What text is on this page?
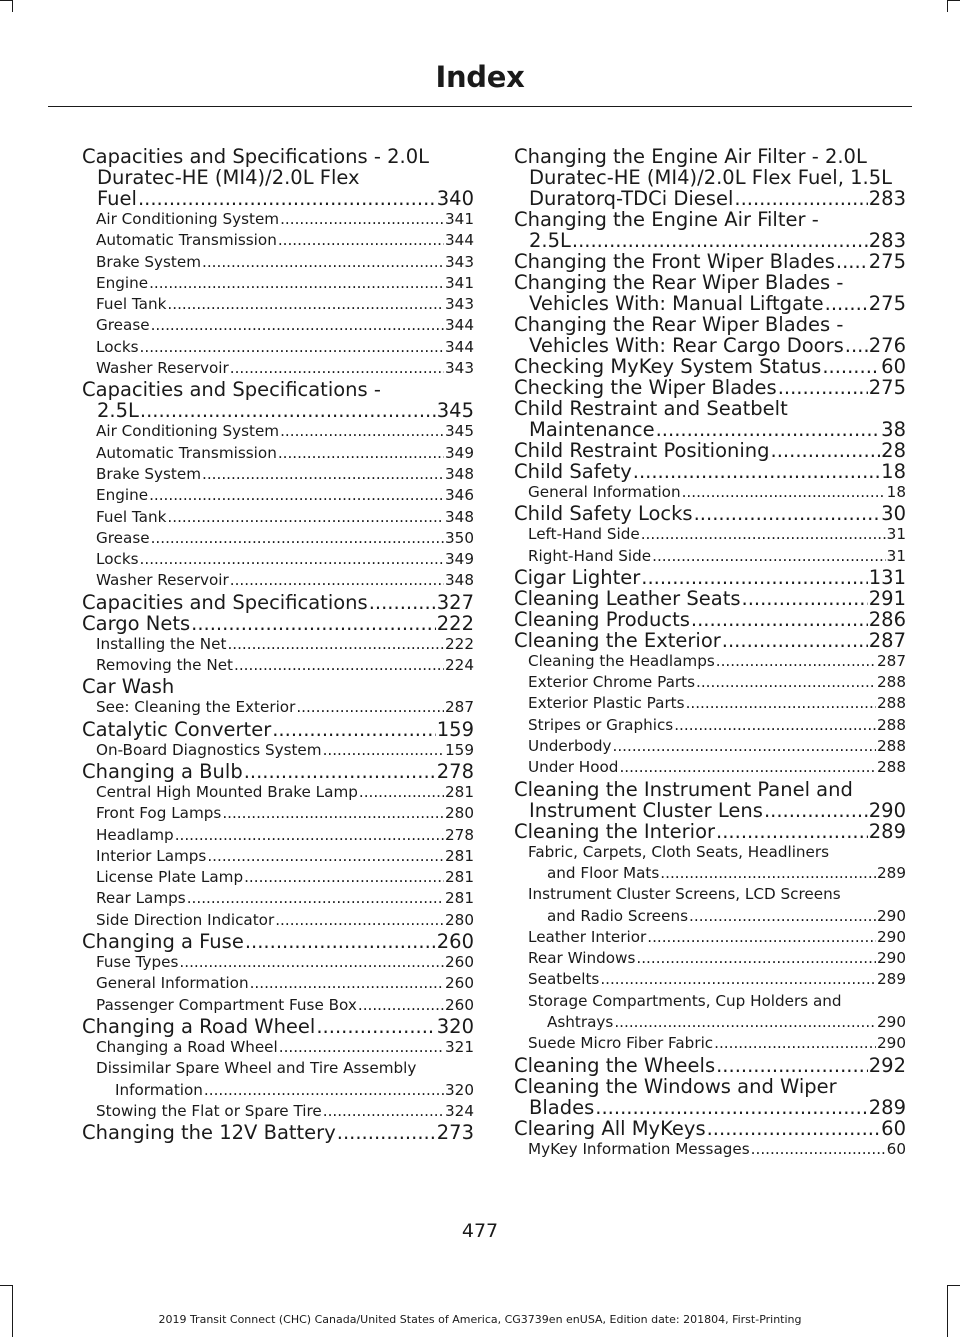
Index
Capacities and Specifications - 2.0L
Duratec-HE (MI4)/2.0L Flex
Fuel .....	340
Air Conditioning System .....	341
Automatic Transmission .....	344
Brake System .....	343
Engine .....	341
Fuel Tank .....	343
Grease .....	344
Locks .....	344
Washer Reservoir .....	343
Capacities and Specifications -
2.5L .....	345
Air Conditioning System .....	345
Automatic Transmission .....	349
Brake System .....	348
Engine .....	346
Fuel Tank .....	348
Grease .....	350
Locks .....	349
Washer Reservoir .....	348
Capacities and Specifications .....	327
Cargo Nets .....	222
Installing the Net .....	222
Removing the Net .....	224
Car Wash
See: Cleaning the Exterior .....	287
Catalytic Converter .....	159
On-Board Diagnostics System .....	159
Changing a Bulb .....	278
Central High Mounted Brake Lamp .....	281
Front Fog Lamps .....	280
Headlamp .....	278
Interior Lamps .....	281
License Plate Lamp .....	281
Rear Lamps .....	281
Side Direction Indicator .....	280
Changing a Fuse .....	260
Fuse Types .....	260
General Information .....	260
Passenger Compartment Fuse Box .....	260
Changing a Road Wheel .....	320
Changing a Road Wheel .....	321
Dissimilar Spare Wheel and Tire Assembly
Information .....	320
Stowing the Flat or Spare Tire .....	324
Changing the 12V Battery .....	273
Changing the Engine Air Filter - 2.0L
Duratec-HE (MI4)/2.0L Flex Fuel, 1.5L
Duratorq-TDCi Diesel .....	283
Changing the Engine Air Filter -
2.5L .....	283
Changing the Front Wiper Blades ..... 275
Changing the Rear Wiper Blades -
Vehicles With: Manual Liftgate ..... 275
Changing the Rear Wiper Blades -
Vehicles With: Rear Cargo Doors ..... 276
Checking MyKey System Status .....	60
Checking the Wiper Blades .....	275
Child Restraint and Seatbelt
Maintenance .....	38
Child Restraint Positioning .....	28
Child Safety .....	18
General Information .....	18
Child Safety Locks .....	30
Left-Hand Side .....	31
Right-Hand Side .....	31
Cigar Lighter .....	131
Cleaning Leather Seats .....	291
Cleaning Products .....	286
Cleaning the Exterior .....	287
Cleaning the Headlamps .....	287
Exterior Chrome Parts .....	288
Exterior Plastic Parts .....	288
Stripes or Graphics .....	288
Underbody .....	288
Under Hood .....	288
Cleaning the Instrument Panel and
Instrument Cluster Lens .....	290
Cleaning the Interior .....	289
Fabric, Carpets, Cloth Seats, Headliners
and Floor Mats .....	289
Instrument Cluster Screens, LCD Screens
and Radio Screens .....	290
Leather Interior .....	290
Rear Windows .....	290
Seatbelts .....	289
Storage Compartments, Cup Holders and
Ashtrays .....	290
Suede Micro Fiber Fabric .....	290
Cleaning the Wheels .....	292
Cleaning the Windows and Wiper
Blades .....	289
Clearing All MyKeys .....	60
MyKey Information Messages .....	60
477
2019 Transit Connect (CHC) Canada/United States of America, CG3739en enUSA, Edition date: 201804, First-Printing
